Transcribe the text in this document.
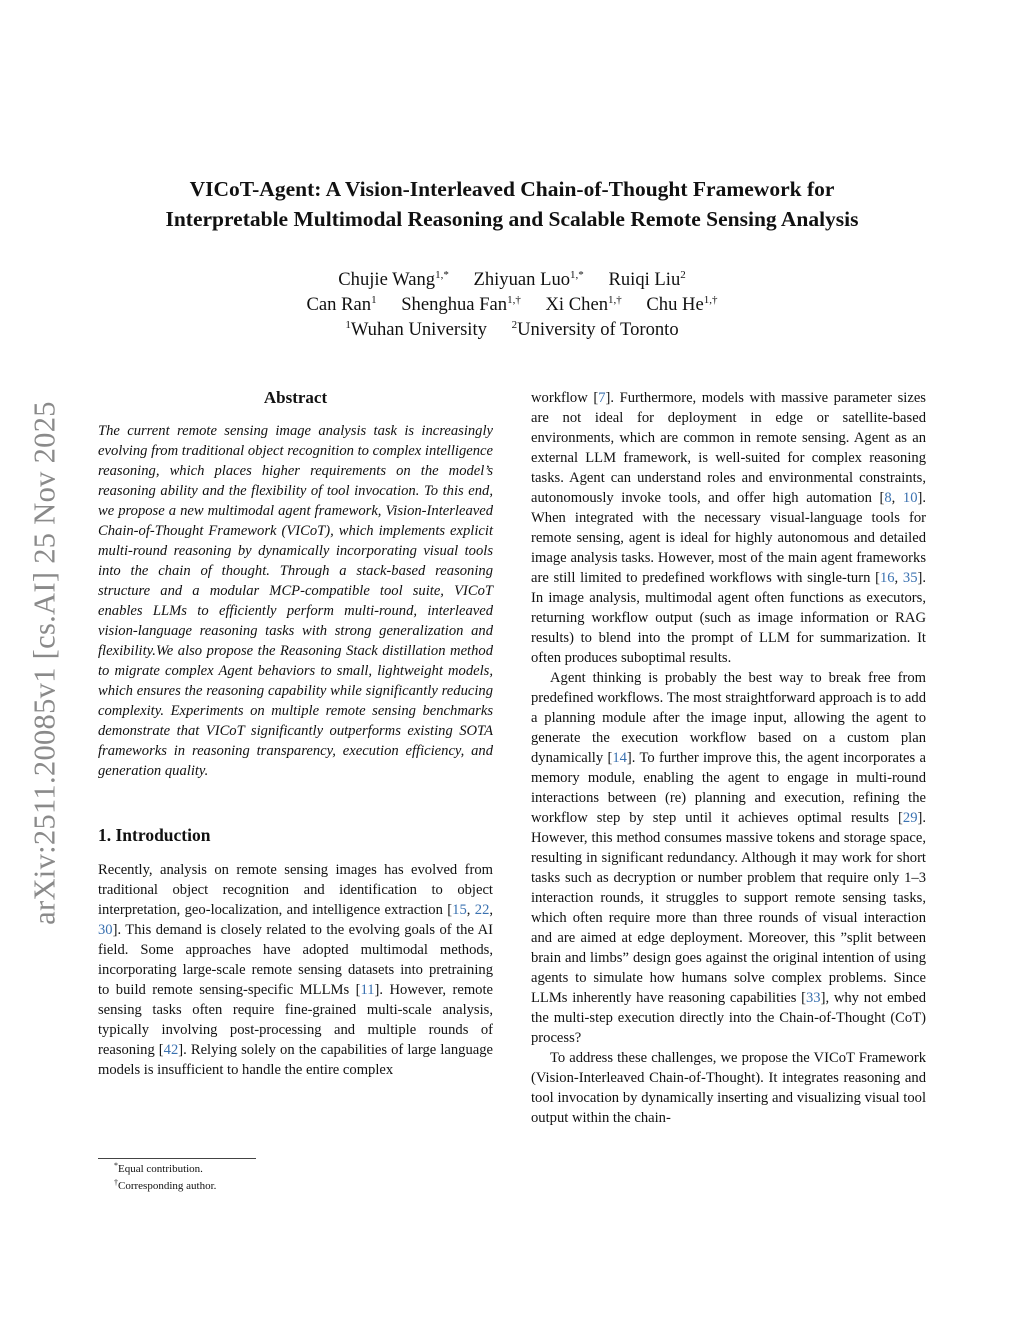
arXiv:2511.20085v1 [cs.AI] 25 Nov 2025
VICoT-Agent: A Vision-Interleaved Chain-of-Thought Framework for
Interpretable Multimodal Reasoning and Scalable Remote Sensing Analysis
Chujie Wang$^{1,*}$ Zhiyuan Luo$^{1,*}$ Ruiqi Liu$^2$
Can Ran$^1$ Shenghua Fan$^{1,\dagger}$ Xi Chen$^{1,\dagger}$ Chu $He^{1,\dagger}$
$^1$Wuhan University $^2$University of Toronto
Abstract

The current remote sensing image analysis task is increasingly evolving from traditional object recognition to complex intelligence reasoning, which places higher requirements on the model’s reasoning ability and the flexibility of tool invocation. To this end, we propose a new multimodal agent framework, Vision-Interleaved Chain-of-Thought Framework (VICoT), which implements explicit multi-round reasoning by dynamically incorporating visual tools into the chain of thought. Through a stack-based reasoning structure and a modular MCP-compatible tool suite, VICoT enables LLMs to efficiently perform multi-round, interleaved vision-language reasoning tasks with strong generalization and flexibility.We also propose the Reasoning Stack distillation method to migrate complex Agent behaviors to small, lightweight models, which ensures the reasoning capability while significantly reducing complexity. Experiments on multiple remote sensing benchmarks demonstrate that VICoT significantly outperforms existing SOTA frameworks in reasoning transparency, execution efficiency, and generation quality.

1. Introduction

Recently, analysis on remote sensing images has evolved from traditional object recognition and identification to object interpretation, geo-localization, and intelligence extraction [15, 22, 30]. This demand is closely related to the evolving goals of the AI field. Some approaches have adopted multimodal methods, incorporating large-scale remote sensing datasets into pretraining to build remote sensing-specific MLLMs [11]. However, remote sensing tasks often require fine-grained multi-scale analysis, typically involving post-processing and multiple rounds of reasoning [42]. Relying solely on the capabilities of large language models is insufficient to handle the entire complex

*Equal contribution.
†Corresponding author.

workflow [7]. Furthermore, models with massive parameter sizes are not ideal for deployment in edge or satellite-based environments, which are common in remote sensing. Agent as an external LLM framework, is well-suited for complex reasoning tasks. Agent can understand roles and environmental constraints, autonomously invoke tools, and offer high automation [8, 10]. When integrated with the necessary visual-language tools for remote sensing, agent is ideal for highly autonomous and detailed image analysis tasks. However, most of the main agent frameworks are still limited to predefined workflows with single-turn [16, 35]. In image analysis, multimodal agent often functions as executors, returning workflow output (such as image information or RAG results) to blend into the prompt of LLM for summarization. It often produces suboptimal results.

Agent thinking is probably the best way to break free from predefined workflows. The most straightforward approach is to add a planning module after the image input, allowing the agent to generate the execution workflow based on a custom plan dynamically [14]. To further improve this, the agent incorporates a memory module, enabling the agent to engage in multi-round interactions between (re) planning and execution, refining the workflow step by step until it achieves optimal results [29]. However, this method consumes massive tokens and storage space, resulting in significant redundancy. Although it may work for short tasks such as decryption or number problem that require only 1–3 interaction rounds, it struggles to support remote sensing tasks, which often require more than three rounds of visual interaction and are aimed at edge deployment. Moreover, this ”split between brain and limbs” design goes against the original intention of using agents to simulate how humans solve complex problems. Since LLMs inherently have reasoning capabilities [33], why not embed the multi-step execution directly into the Chain-of-Thought (CoT) process?

To address these challenges, we propose the VICoT Framework (Vision-Interleaved Chain-of-Thought). It integrates reasoning and tool invocation by dynamically inserting and visualizing visual tool output within the chain-
